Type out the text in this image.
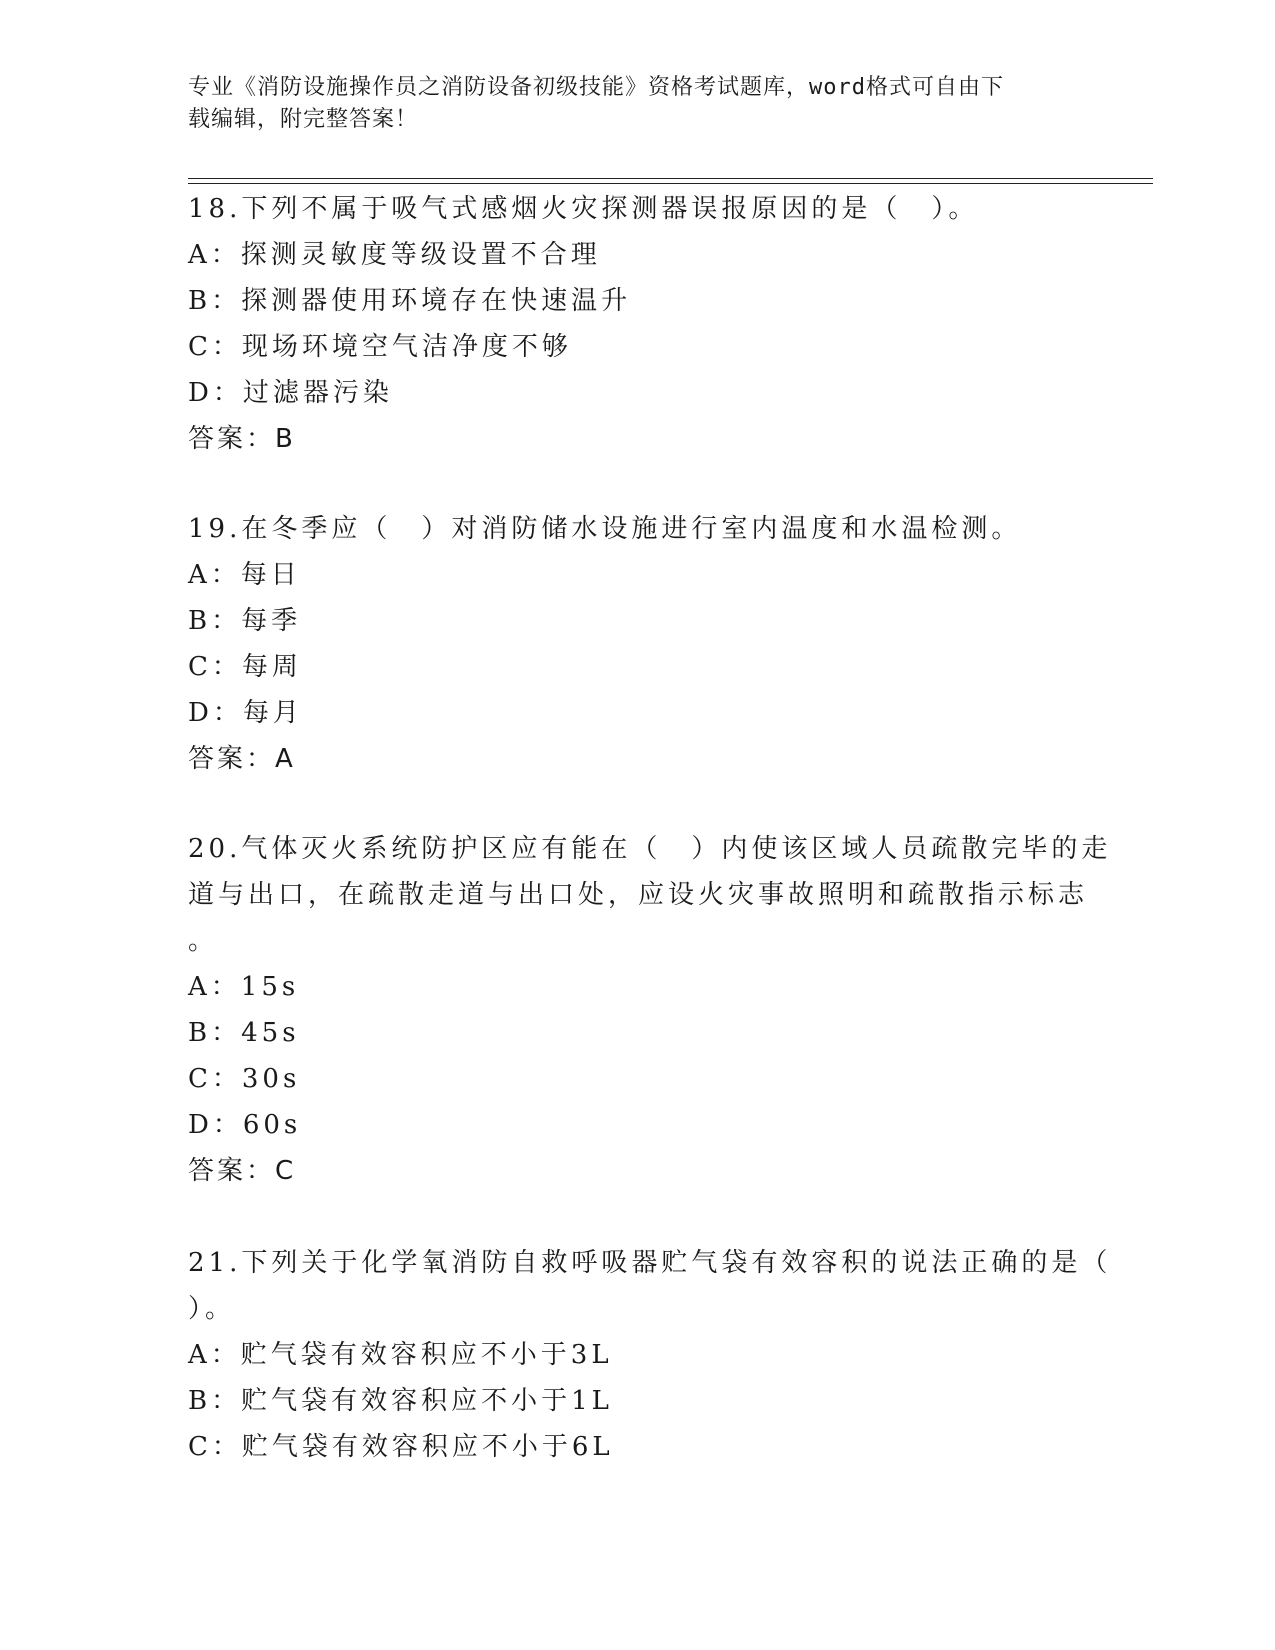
专业《消防设施操作员之消防设备初级技能》资格考试题库，word格式可自由下
载编辑，附完整答案！
18.下列不属于吸气式感烟火灾探测器误报原因的是（　）。
A：探测灵敏度等级设置不合理
B：探测器使用环境存在快速温升
C：现场环境空气洁净度不够
D：过滤器污染
答案：B
19.在冬季应（　）对消防储水设施进行室内温度和水温检测。
A：每日
B：每季
C：每周
D：每月
答案：A
20.气体灭火系统防护区应有能在（　）内使该区域人员疏散完毕的走
道与出口，在疏散走道与出口处，应设火灾事故照明和疏散指示标志
。
A：15s
B：45s
C：30s
D：60s
答案：C
21.下列关于化学氧消防自救呼吸器贮气袋有效容积的说法正确的是（
）。
A：贮气袋有效容积应不小于3L
B：贮气袋有效容积应不小于1L
C：贮气袋有效容积应不小于6L
